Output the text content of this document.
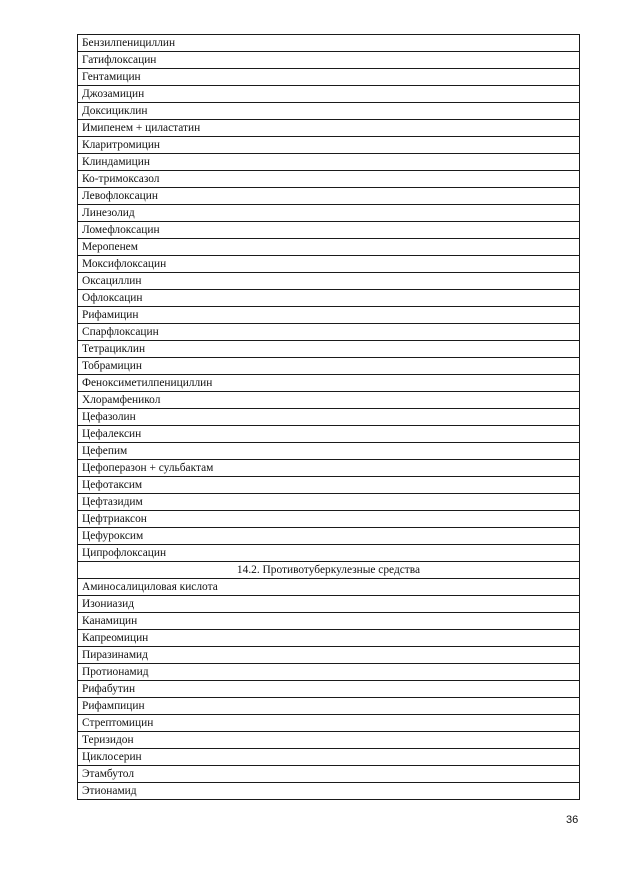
Бензилпенициллин
Гатифлоксацин
Гентамицин
Джозамицин
Доксициклин
Имипенем + циластатин
Кларитромицин
Клиндамицин
Ко-тримоксазол
Левофлоксацин
Линезолид
Ломефлоксацин
Меропенем
Моксифлоксацин
Оксациллин
Офлоксацин
Рифамицин
Спарфлоксацин
Тетрациклин
Тобрамицин
Феноксиметилпенициллин
Хлорамфеникол
Цефазолин
Цефалексин
Цефепим
Цефоперазон + сульбактам
Цефотаксим
Цефтазидим
Цефтриаксон
Цефуроксим
Ципрофлоксацин
14.2. Противотуберкулезные средства
Аминосалициловая кислота
Изониазид
Канамицин
Капреомицин
Пиразинамид
Протионамид
Рифабутин
Рифампицин
Стрептомицин
Теризидон
Циклосерин
Этамбутол
Этионамид
36
